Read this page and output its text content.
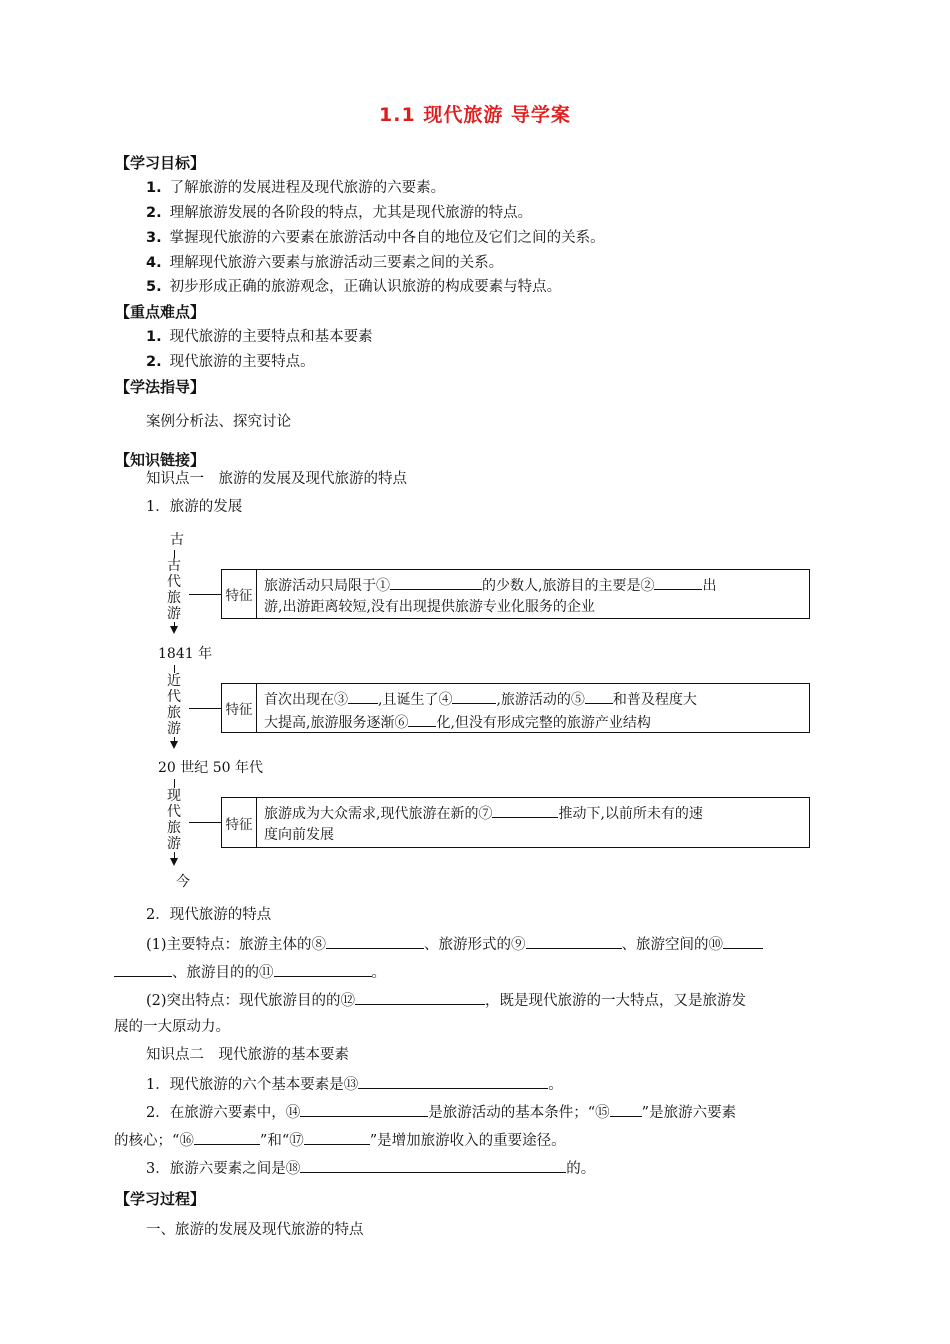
1.1 现代旅游 导学案
【学习目标】
1. 了解旅游的发展进程及现代旅游的六要素。
2. 理解旅游发展的各阶段的特点，尤其是现代旅游的特点。
3. 掌握现代旅游的六要素在旅游活动中各自的地位及它们之间的关系。
4. 理解现代旅游六要素与旅游活动三要素之间的关系。
5. 初步形成正确的旅游观念，正确认识旅游的构成要素与特点。
【重点难点】
1. 现代旅游的主要特点和基本要素
2. 现代旅游的主要特点。
【学法指导】
案例分析法、探究讨论
【知识链接】
知识点一　旅游的发展及现代旅游的特点
1．旅游的发展
古
古代旅游
特征
旅游活动只局限于①	的少数人,旅游目的主要是②	出
游,出游距离较短,没有出现提供旅游专业化服务的企业
1841 年
近代旅游
特征
首次出现在③ ,且诞生了④	,旅游活动的⑤ 和普及程度大
大提高,旅游服务逐渐⑥ 化,但没有形成完整的旅游产业结构
20 世纪 50 年代
现代旅游
特征
旅游成为大众需求,现代旅游在新的⑦	推动下,以前所未有的速
度向前发展
今
2．现代旅游的特点
(1)主要特点：旅游主体的⑧	、旅游形式的⑨	、旅游空间的⑩
、旅游目的的⑪	。
(2)突出特点：现代旅游目的的⑫	，既是现代旅游的一大特点，又是旅游发
展的一大原动力。
知识点二　现代旅游的基本要素
1．现代旅游的六个基本要素是⑬	。
2．在旅游六要素中，⑭	是旅游活动的基本条件；“⑮ ”是旅游六要素
的核心；“⑯	”和“⑰	”是增加旅游收入的重要途径。
3．旅游六要素之间是⑱	的。
【学习过程】
一、旅游的发展及现代旅游的特点
